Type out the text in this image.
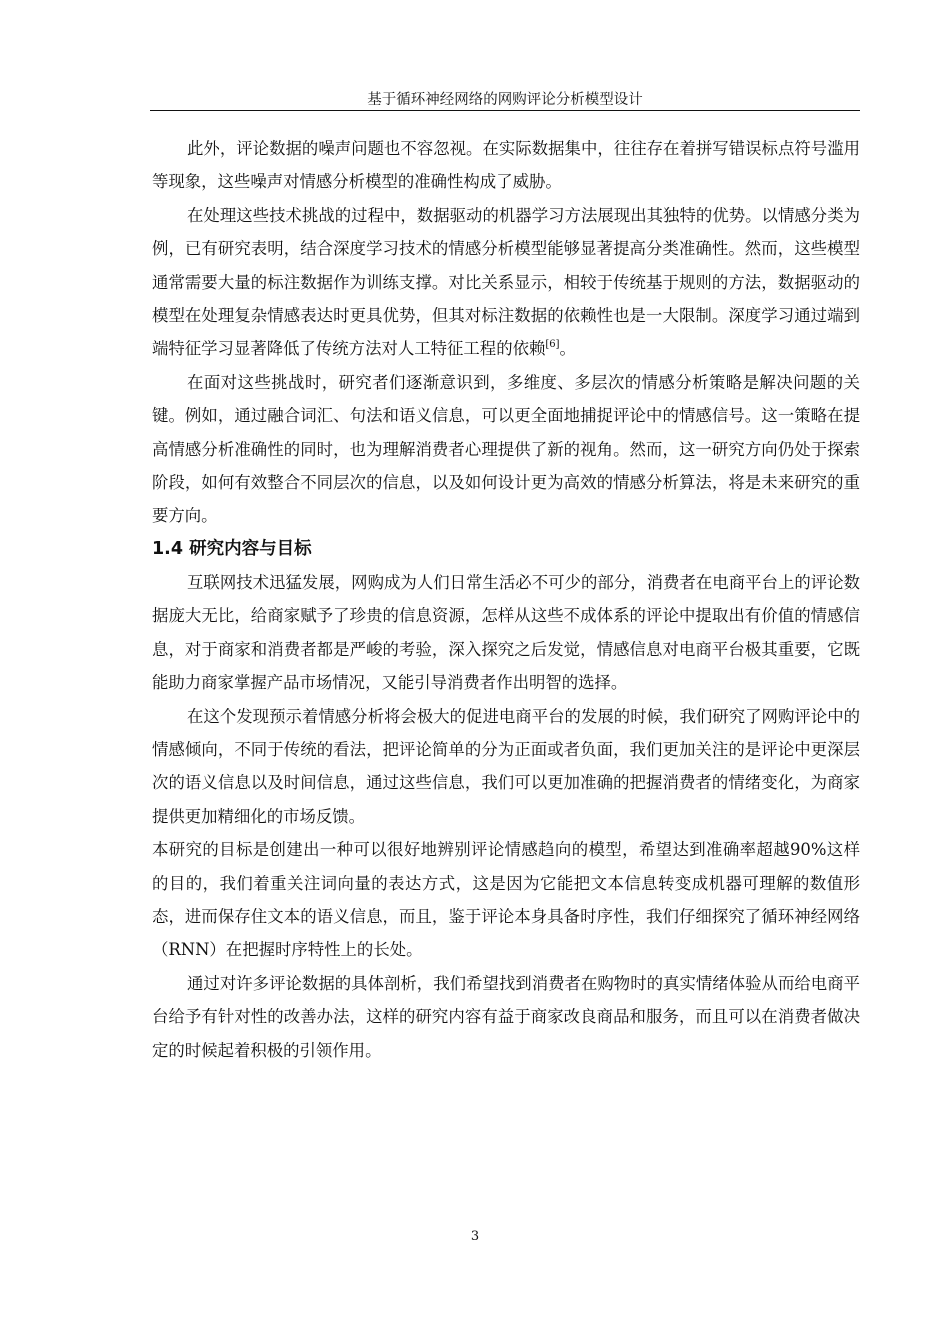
基于循环神经网络的网购评论分析模型设计

此外，评论数据的噪声问题也不容忽视。在实际数据集中，往往存在着拼写错误标点符号滥用等现象，这些噪声对情感分析模型的准确性构成了威胁。

在处理这些技术挑战的过程中，数据驱动的机器学习方法展现出其独特的优势。以情感分类为例，已有研究表明，结合深度学习技术的情感分析模型能够显著提高分类准确性。然而，这些模型通常需要大量的标注数据作为训练支撑。对比关系显示，相较于传统基于规则的方法，数据驱动的模型在处理复杂情感表达时更具优势，但其对标注数据的依赖性也是一大限制。深度学习通过端到端特征学习显著降低了传统方法对人工特征工程的依赖[6]。

在面对这些挑战时，研究者们逐渐意识到，多维度、多层次的情感分析策略是解决问题的关键。例如，通过融合词汇、句法和语义信息，可以更全面地捕捉评论中的情感信号。这一策略在提高情感分析准确性的同时，也为理解消费者心理提供了新的视角。然而，这一研究方向仍处于探索阶段，如何有效整合不同层次的信息，以及如何设计更为高效的情感分析算法，将是未来研究的重要方向。

1.4 研究内容与目标

互联网技术迅猛发展，网购成为人们日常生活必不可少的部分，消费者在电商平台上的评论数据庞大无比，给商家赋予了珍贵的信息资源，怎样从这些不成体系的评论中提取出有价值的情感信息，对于商家和消费者都是严峻的考验，深入探究之后发觉，情感信息对电商平台极其重要，它既能助力商家掌握产品市场情况，又能引导消费者作出明智的选择。

在这个发现预示着情感分析将会极大的促进电商平台的发展的时候，我们研究了网购评论中的情感倾向，不同于传统的看法，把评论简单的分为正面或者负面，我们更加关注的是评论中更深层次的语义信息以及时间信息，通过这些信息，我们可以更加准确的把握消费者的情绪变化，为商家提供更加精细化的市场反馈。

本研究的目标是创建出一种可以很好地辨别评论情感趋向的模型，希望达到准确率超越90%这样的目的，我们着重关注词向量的表达方式，这是因为它能把文本信息转变成机器可理解的数值形态，进而保存住文本的语义信息，而且，鉴于评论本身具备时序性，我们仔细探究了循环神经网络（RNN）在把握时序特性上的长处。

通过对许多评论数据的具体剖析，我们希望找到消费者在购物时的真实情绪体验从而给电商平台给予有针对性的改善办法，这样的研究内容有益于商家改良商品和服务，而且可以在消费者做决定的时候起着积极的引领作用。

3
